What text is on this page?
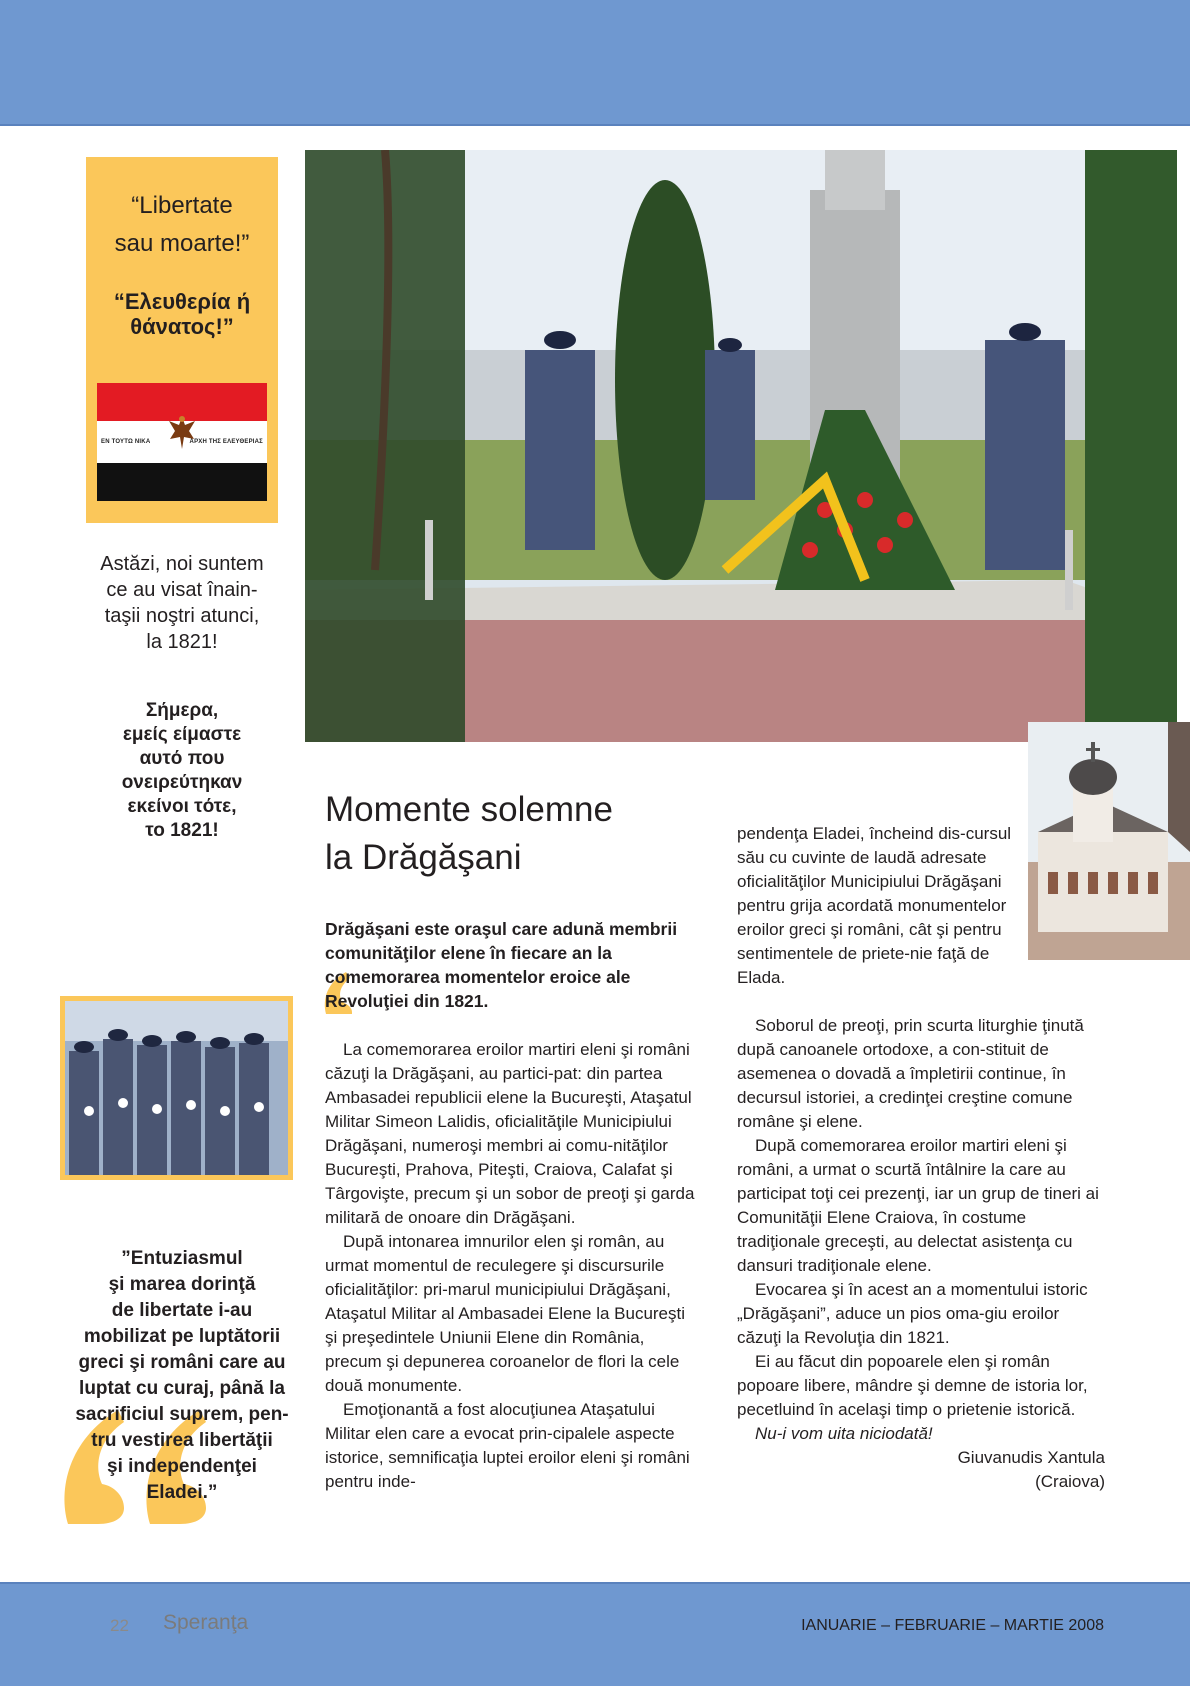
“Libertate
sau moarte!”
“Ελευθερία ή
θάνατος!”
ΕΝ ΤΟΥΤΩ ΝΙΚΑ	ΑΡΧΗ ΤΗΣ ΕΛΕΥΘΕΡΙΑΣ
Astăzi, noi suntem
ce au visat înain-
taşii noştri atunci,
la 1821!
Σήμερα,
εμείς είμαστε
αυτό που
ονειρεύτηκαν
εκείνοι τότε,
το 1821!
”Entuziasmul
şi marea dorinţă
de libertate i-au
mobilizat pe luptătorii
greci şi români care au
luptat cu curaj, până la
sacrificiul suprem, pen-
tru vestirea libertăţii
şi independenţei
Eladei.”
Momente solemne
la Drăgăşani

Drăgăşani este oraşul care adună membrii comunităţilor elene în fiecare an la comemorarea momentelor eroice ale Revoluţiei din 1821.

La comemorarea eroilor martiri eleni şi români căzuţi la Drăgăşani, au partici-pat: din partea Ambasadei republicii elene la Bucureşti, Ataşatul Militar Simeon Lalidis, oficialităţile Municipiului Drăgăşani, numeroşi membri ai comu-nităţilor Bucureşti, Prahova, Piteşti, Craiova, Calafat şi Târgovişte, precum şi un sobor de preoţi şi garda militară de onoare din Drăgăşani.

După intonarea imnurilor elen şi român, au urmat momentul de reculegere şi discursurile oficialităţilor: pri-marul municipiului Drăgăşani, Ataşatul Militar al Ambasadei Elene la Bucureşti şi preşedintele Uniunii Elene din România, precum şi depunerea coroanelor de flori la cele două monumente.

Emoţionantă a fost alocuţiunea Ataşatului Militar elen care a evocat prin-cipalele aspecte istorice, semnificaţia luptei eroilor eleni şi români pentru inde-

pendenţa Eladei, încheind dis-cursul său cu cuvinte de laudă adresate oficialităţilor Municipiului Drăgăşani pentru grija acordată monumentelor eroilor greci şi români, cât şi pentru sentimentele de priete-nie faţă de Elada.

Soborul de preoţi, prin scurta liturghie ţinută după canoanele ortodoxe, a con-stituit de asemenea o dovadă a împletirii continue, în decursul istoriei, a credinţei creştine comune române şi elene.

După comemorarea eroilor martiri eleni şi români, a urmat o scurtă întâlnire la care au participat toţi cei prezenţi, iar un grup de tineri ai Comunităţii Elene Craiova, în costume tradiţionale greceşti, au delectat asistenţa cu dansuri tradiţionale elene.

Evocarea şi în acest an a momentului istoric „Drăgăşani”, aduce un pios oma-giu eroilor căzuţi la Revoluţia din 1821.

Ei au făcut din popoarele elen şi român popoare libere, mândre şi demne de istoria lor, pecetluind în acelaşi timp o prietenie istorică.

Nu-i vom uita niciodată!

Giuvanudis Xantula

(Craiova)

22 Speranţa	IANUARIE – FEBRUARIE – MARTIE 2008
